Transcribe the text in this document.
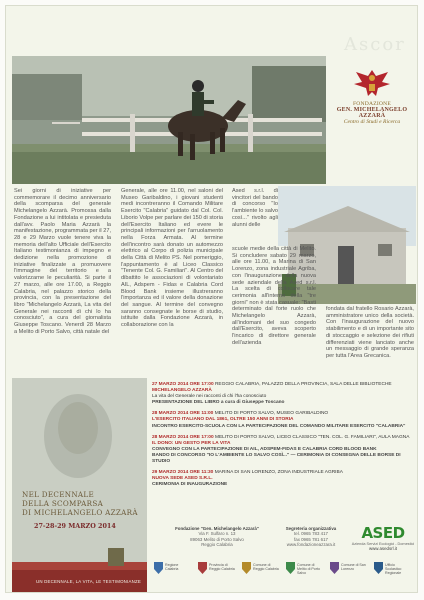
Ascor
FONDAZIONE
GEN. MICHELANGELO AZZARÀ
Centro di Studi e Ricerca
Sei giorni di iniziative per commemorare il decimo anniversario della scomparsa del generale Michelangelo Azzarà. Promossa dalla Fondazione a lui intitolata e presieduta dall'avv. Paolo Maria Azzarà la manifestazione, programmata per il 27, 28 e 29 Marzo vuole tenere viva la memoria dell'alto Ufficiale dell'Esercito Italiano testimonianza di impegno e dedizione nella promozione di iniziative finalizzate a promuovere l'immagine del territorio e a valorizzarne le peculiarità. Si parte il 27 marzo, alle ore 17.00, a Reggio Calabria, nel palazzo storico della provincia, con la presentazione del libro "Michelangelo Azzarà, La vita del Generale nei racconti di chi lo ha conosciuto", a cura del giornalista Giuseppe Toscano. Venerdì 28 Marzo a Melito di Porto Salvo, città natale del
Generale, alle ore 11.00, nel saloni del Museo Garibaldino, i giovani studenti medi incontreranno il Comando Militare Esercito "Calabria" guidato dal Col. Col. Liborio Volpe per parlare dei 150 di storia dell'Esercito Italiano ed evere le principali informazioni per l'arruolamento nella Forza Armata. Al termine dell'incontro sarà donato un automezzo elettrico al Corpo di polizia municipale della Città di Melito PS. Nel pomeriggio, l'appuntamento è al Liceo Classico "Tenente Col. G. Familiari". Al Centro del dibattito le associazioni di volontariato AIL, Adspem - Fidas e Calabria Cord Blood Bank insieme illustreranno l'importanza ed il valore della donazione del sangue. Al termine del convegno saranno consegnate le borse di studio, istituite dalla Fondazione Azzarà, in collaborazione con la
Ased s.r.l. di vincitori del bando di concorso "Io l'ambiente lo salvo così..." rivolto agli alunni delle
scuole medie della città di Melito. Si concludere sabato 29 marzo, alle ore 11.00, a Marina di San Lorenzo, zona industriale Agriba, con l'inaugurazione della nuova sede aziendale della Ased s.r.l. La scelta di collocare tale cerimonia all'interno della "tre giorni" non è stata casuale: "Basti determinato dal forte ruolo che Michelangelo Azzarà, all'indomani del suo congedo dall'Esercito, aveva scoperto l'incarico di direttore generale dell'azienda
fondata dal fratello Rosario Azzarà, amministratore unico della società. Con l'inaugurazione del nuovo stabilimento e di un importante sito di stoccaggio e selezione dei rifiuti differenziati viene lanciato anche un messaggio di grande speranza per tutta l'Area Grecanica.
NEL DECENNALE
DELLA SCOMPARSA
DI MICHELANGELO AZZARÀ
27-28-29 MARZO 2014
UN DECENNALE, LA VITA, LE TESTIMONIANZE
27 MARZO 2014 ORE 17:00 REGGIO CALABRIA, PALAZZO DELLA PROVINCIA, SALA DELLE BIBLIOTECHE
MICHELANGELO AZZARÀ
La vita del Generale nei racconti di chi l'ha conosciuto
PRESENTAZIONE DEL LIBRO a cura di Giuseppe Toscano
28 MARZO 2014 ORE 11:00 MELITO DI PORTO SALVO, MUSEO GARIBALDINO
L'ESERCITO ITALIANO DAL 1861, OLTRE 150 ANNI DI STORIA
INCONTRO ESERCITO-SCUOLA CON LA PARTECIPAZIONE DEL COMANDO MILITARE ESERCITO "CALABRIA"
28 MARZO 2014 ORE 17:00 MELITO DI PORTO SALVO, LICEO CLASSICO "TEN. COL. G. FAMILIARI", AULA MAGNA
IL DONO: UN GESTO PER LA VITA
CONVEGNO CON LA PARTECIPAZIONE DI AIL, ADSPEM-FIDAS E CALABRIA CORD BLOOD BANK
BANDO DI CONCORSO "IO L'AMBIENTE LO SALVO COSÌ..." — CERIMONIA DI CONSEGNA DELLE BORSE DI STUDIO
29 MARZO 2014 ORE 11:30 MARINA DI SAN LORENZO, ZONA INDUSTRIALE AGRIBA
NUOVA SEDE ASED S.R.L.
CERIMONIA DI INAUGURAZIONE
Fondazione "Gen. Michelangelo Azzarà"
Via F. Sulfaro n. 13
89063 Melito di Porto Salvo
Reggio Calabria
Segreteria organizzativa
tel. 0965 783 417
fax 0965 781 617
www.fondazioneazzara.it
ASED
Azienda Servizi Ecologici - Domestici
www.asedsrl.it
Regione Calabria
Provincia di Reggio Calabria
Comune di Reggio Calabria
Comune di Melito di Porto Salvo
Comune di San Lorenzo
Ufficio Scolastico Regionale
